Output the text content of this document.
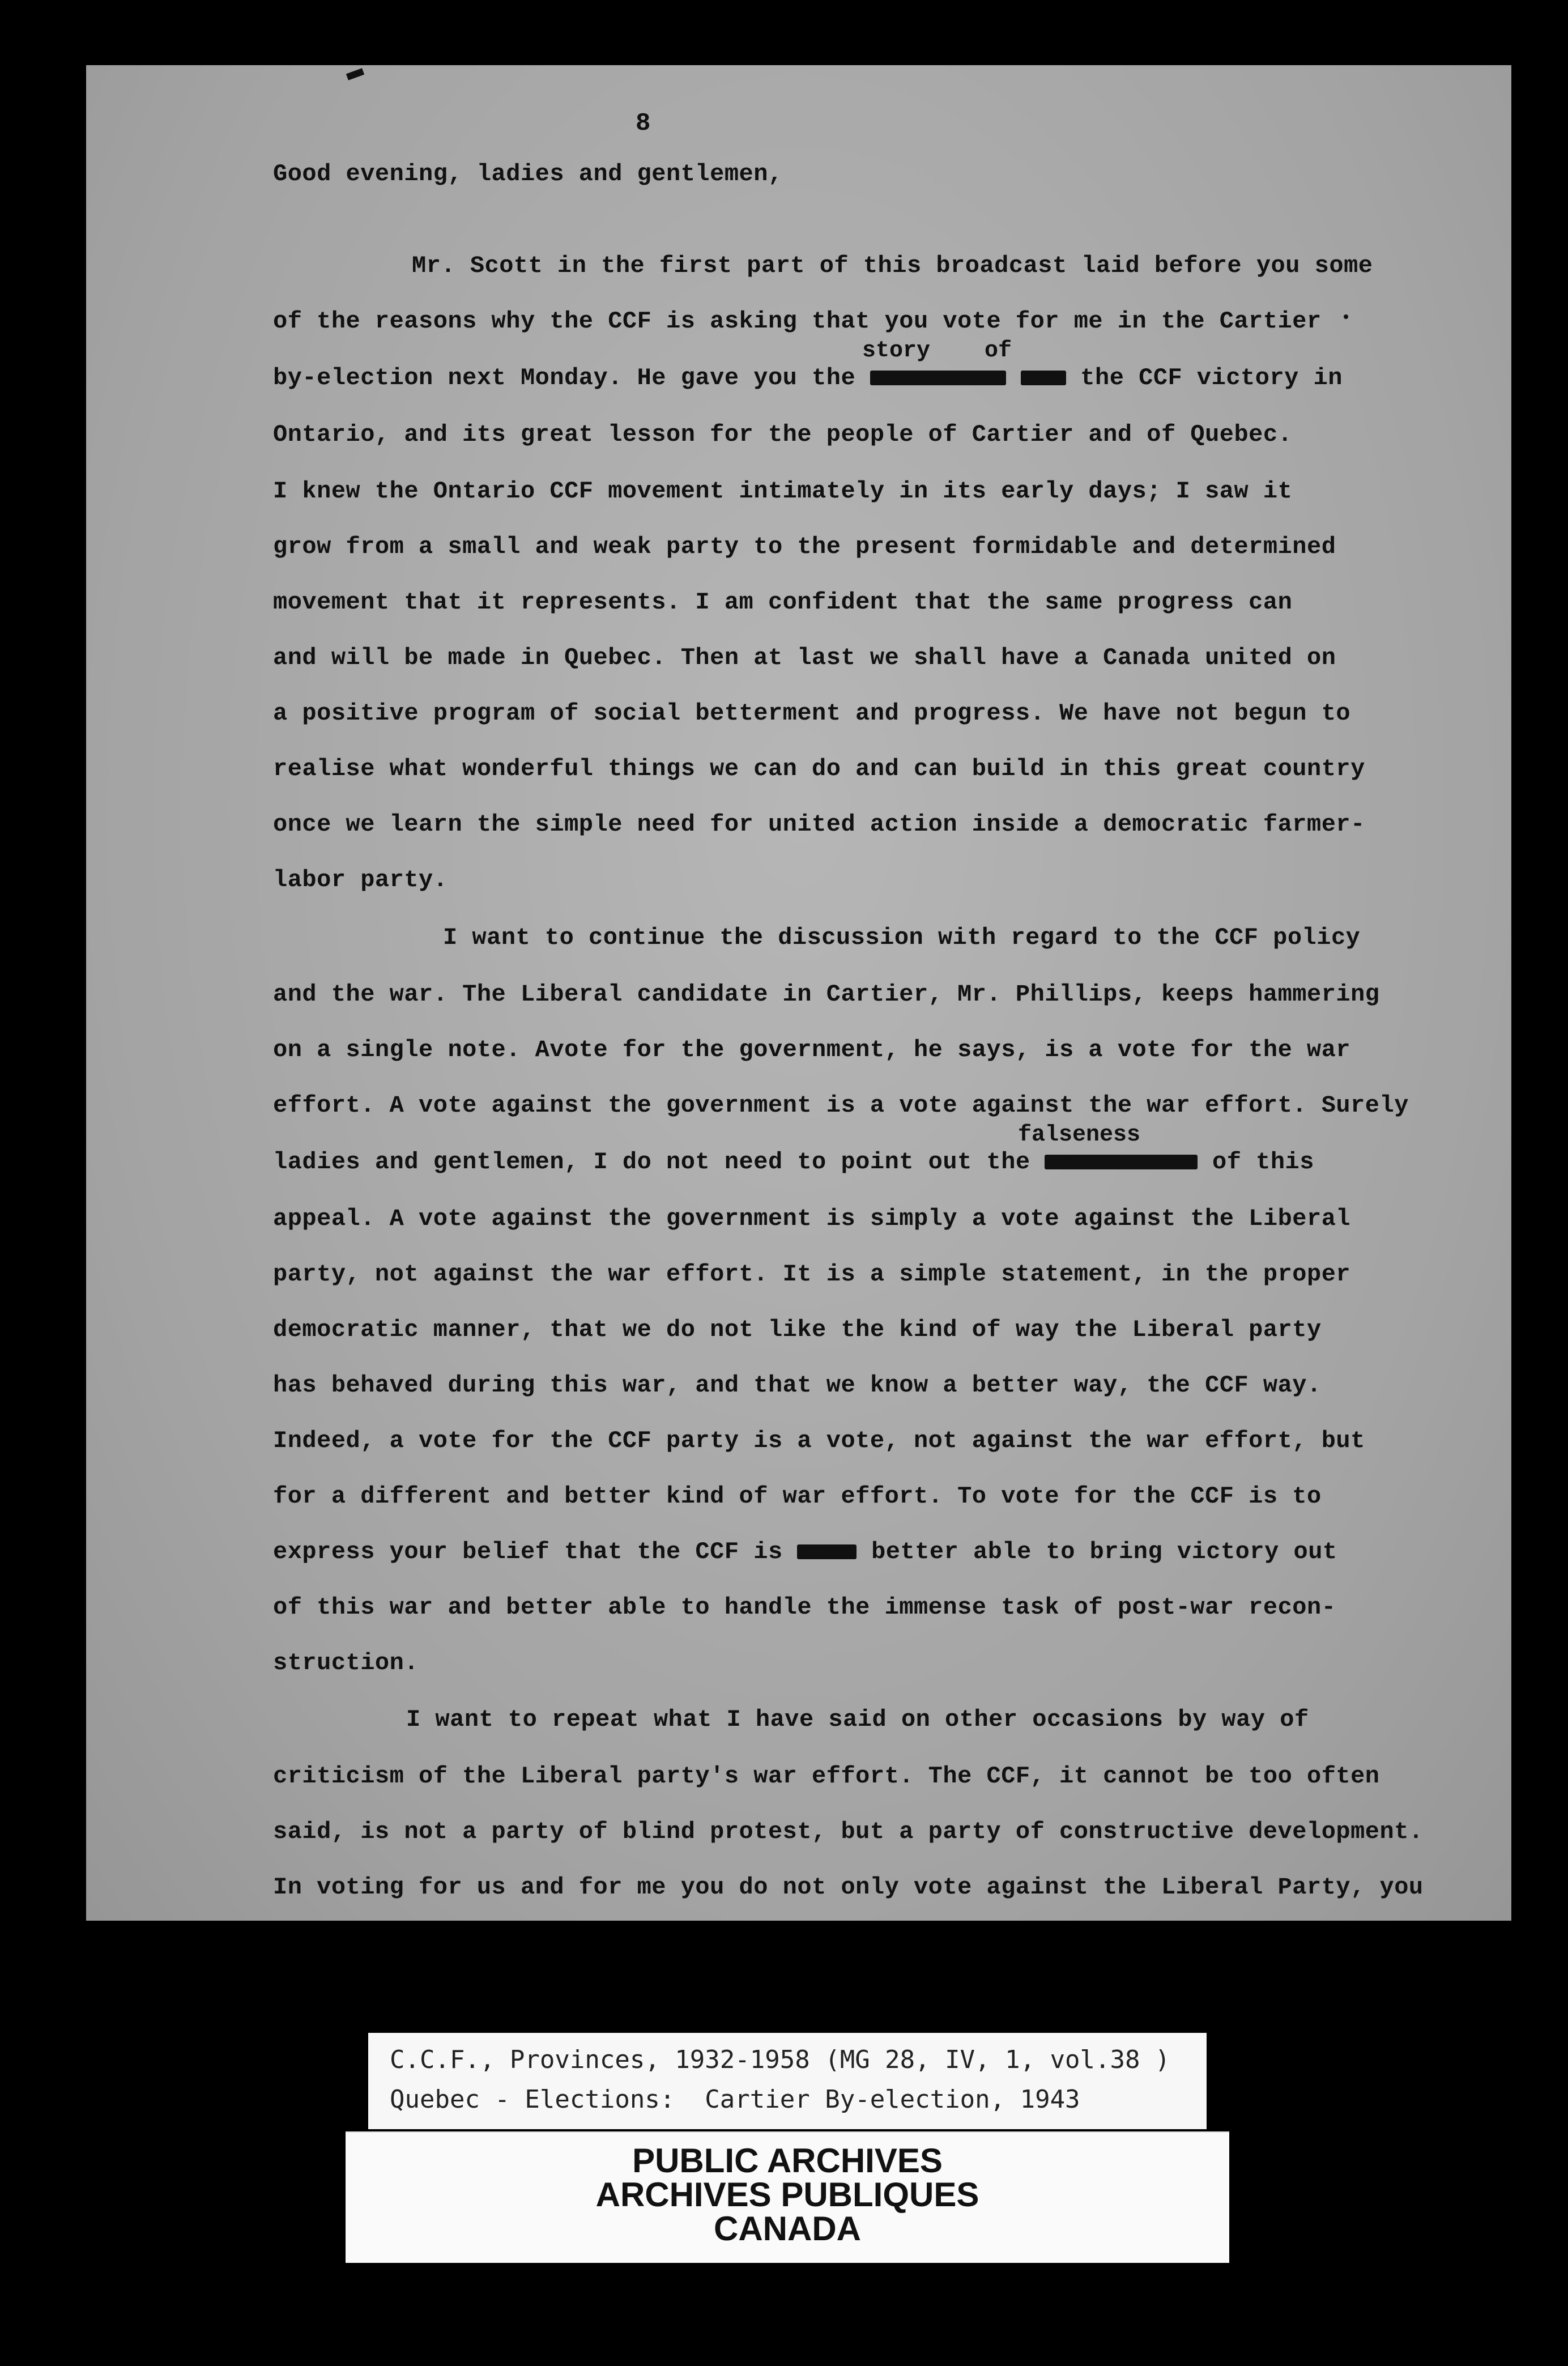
8
Good evening, ladies and gentlemen,
Mr. Scott in the first part of this broadcast laid before you some
of the reasons why the CCF is asking that you vote for me in the Cartier
story    of
by-election next Monday. He gave you the	the CCF victory in
Ontario, and its great lesson for the people of Cartier and of Quebec.
I knew the Ontario CCF movement intimately in its early days; I saw it
grow from a small and weak party to the present formidable and determined
movement that it represents. I am confident that the same progress can
and will be made in Quebec. Then at last we shall have a Canada united on
a positive program of social betterment and progress. We have not begun to
realise what wonderful things we can do and can build in this great country
once we learn the simple need for united action inside a democratic farmer-
labor party.
I want to continue the discussion with regard to the CCF policy
and the war. The Liberal candidate in Cartier, Mr. Phillips, keeps hammering
on a single note. Avote for the government, he says, is a vote for the war
effort. A vote against the government is a vote against the war effort. Surely
falseness
ladies and gentlemen, I do not need to point out the	of this
appeal. A vote against the government is simply a vote against the Liberal
party, not against the war effort. It is a simple statement, in the proper
democratic manner, that we do not like the kind of way the Liberal party
has behaved during this war, and that we know a better way, the CCF way.
Indeed, a vote for the CCF party is a vote, not against the war effort, but
for a different and better kind of war effort. To vote for the CCF is to
express your belief that the CCF is	better able to bring victory out
of this war and better able to handle the immense task of post-war recon-
struction.
I want to repeat what I have said on other occasions by way of
criticism of the Liberal party's war effort. The CCF, it cannot be too often
said, is not a party of blind protest, but a party of constructive development.
In voting for us and for me you do not only vote against the Liberal Party, you
C.C.F., Provinces, 1932-1958 (MG 28, IV, 1, vol.38 )
Quebec - Elections:  Cartier By-election, 1943
PUBLIC ARCHIVES
ARCHIVES PUBLIQUES
CANADA
